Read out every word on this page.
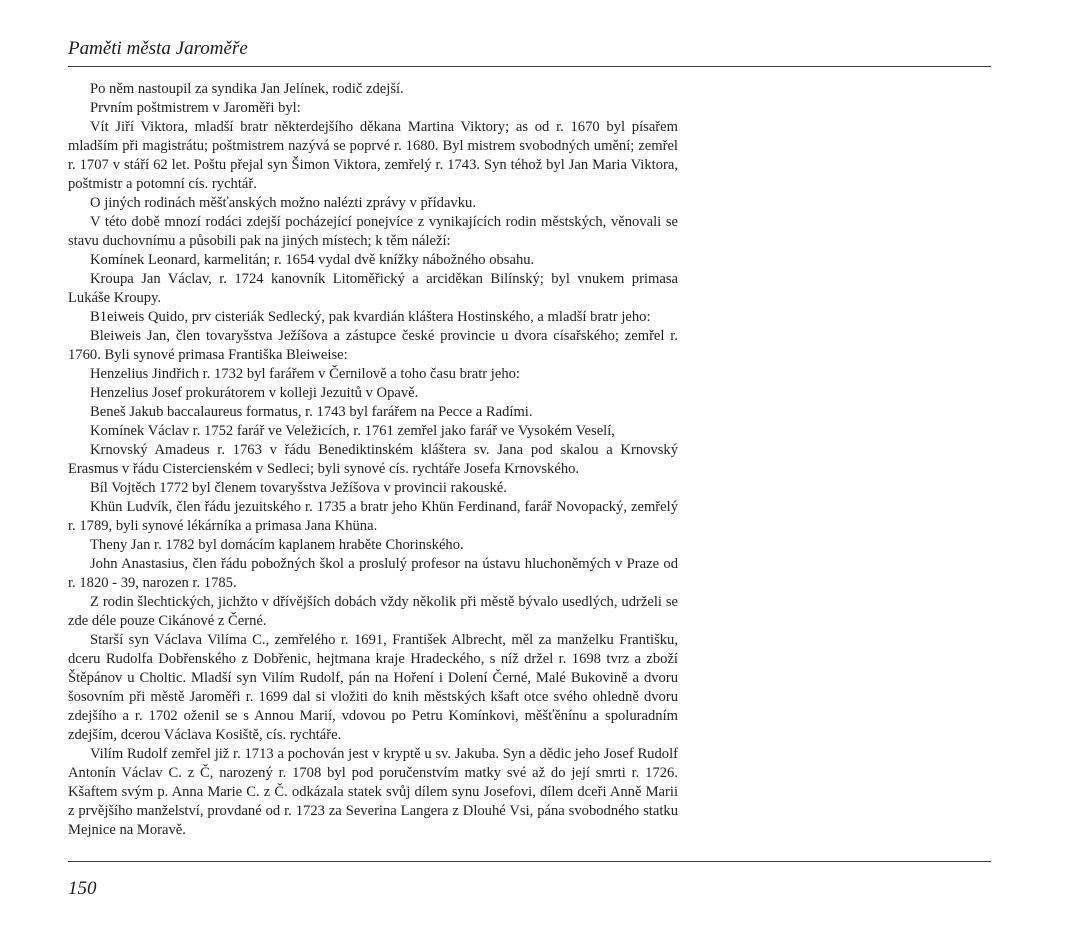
Paměti města Jaroměře

Po něm nastoupil za syndika Jan Jelínek, rodič zdejší.

Prvním poštmistrem v Jaroměři byl:

Vít Jiří Viktora, mladší bratr některdejšího děkana Martina Viktory; as od r. 1670 byl písařem mladším při magistrátu; poštmistrem nazývá se poprvé r. 1680. Byl mistrem svobodných umění; zemřel r. 1707 v stáří 62 let. Poštu přejal syn Šimon Viktora, zemřelý r. 1743. Syn téhož byl Jan Maria Viktora, poštmistr a potomní cís. rychtář.

O jiných rodinách měšťanských možno nalézti zprávy v přídavku.

V této době mnozí rodáci zdejší pocházející ponejvíce z vynikajících rodin městských, věnovali se stavu duchovnímu a působili pak na jiných místech; k těm náleží:

Komínek Leonard, karmelitán; r. 1654 vydal dvě knížky nábožného obsahu.

Kroupa Jan Václav, r. 1724 kanovník Litoměřický a arciděkan Bilínský; byl vnukem primasa Lukáše Kroupy.

B1eiweis Quido, prv cisteriák Sedlecký, pak kvardián kláštera Hostinského, a mladší bratr jeho:

Bleiweis Jan, člen tovaryšstva Ježíšova a zástupce české provincie u dvora císařského; zemřel r. 1760. Byli synové primasa Františka Bleiweise:

Henzelius Jindřich r. 1732 byl farářem v Černilově a toho času bratr jeho:

Henzelius Josef prokurátorem v kolleji Jezuitů v Opavě.

Beneš Jakub baccalaureus formatus, r. 1743 byl farářem na Pecce a Radími.

Komínek Václav r. 1752 farář ve Veležicích, r. 1761 zemřel jako farář ve Vysokém Veselí,

Krnovský Amadeus r. 1763 v řádu Benediktinském kláštera sv. Jana pod skalou a Krnovský Erasmus v řádu Cistercienském v Sedleci; byli synové cís. rychtáře Josefa Krnovského.

Bíl Vojtěch 1772 byl členem tovaryšstva Ježíšova v provincii rakouské.

Khün Ludvík, člen řádu jezuitského r. 1735 a bratr jeho Khün Ferdinand, farář Novopacký, zemřelý r. 1789, byli synové lékárníka a primasa Jana Khüna.

Theny Jan r. 1782 byl domácím kaplanem hraběte Chorinského.

John Anastasius, člen řádu pobožných škol a proslulý profesor na ústavu hluchoněmých v Praze od r. 1820 - 39, narozen r. 1785.

Z rodin šlechtických, jichžto v dřívějších dobách vždy několik při městě bývalo usedlých, udrželi se zde déle pouze Cikánové z Černé.

Starší syn Václava Vilíma C., zemřelého r. 1691, František Albrecht, měl za manželku Františku, dceru Rudolfa Dobřenského z Dobřenic, hejtmana kraje Hradeckého, s níž držel r. 1698 tvrz a zboží Štěpánov u Choltic. Mladší syn Vilím Rudolf, pán na Hoření i Dolení Černé, Malé Bukovině a dvoru šosovním při městě Jaroměři r. 1699 dal si vložiti do knih městských kšaft otce svého ohledně dvoru zdejšího a r. 1702 oženil se s Annou Marií, vdovou po Petru Komínkovi, měšťěnínu a spoluradním zdejším, dcerou Václava Kosiště, cís. rychtáře.

Vilím Rudolf zemřel již r. 1713 a pochován jest v kryptě u sv. Jakuba. Syn a dědic jeho Josef Rudolf Antonín Václav C. z Č, narozený r. 1708 byl pod poručenstvím matky své až do její smrti r. 1726. Kšaftem svým p. Anna Marie C. z Č. odkázala statek svůj dílem synu Josefovi, dílem dceři Anně Marii z prvějšího manželství, provdané od r. 1723 za Severina Langera z Dlouhé Vsi, pána svobodného statku Mejnice na Moravě.

150
